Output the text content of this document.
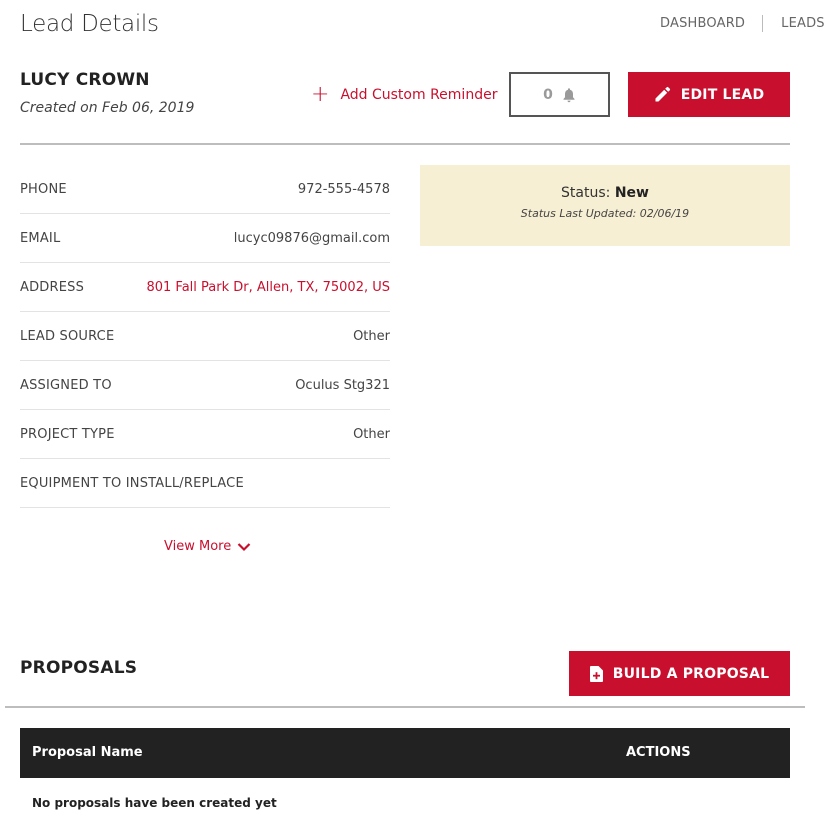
Lead Details	DASHBOARD	LEADS
LUCY CROWN
Created on Feb 06, 2019
+ Add Custom Reminder	0	EDIT LEAD
PHONE	972-555-4578
EMAIL	lucyc09876@gmail.com
ADDRESS	801 Fall Park Dr, Allen, TX, 75002, US
LEAD SOURCE	Other
ASSIGNED TO	Oculus Stg321
PROJECT TYPE	Other
EQUIPMENT TO INSTALL/REPLACE
View More
Status: New
Status Last Updated: 02/06/19
PROPOSALS	BUILD A PROPOSAL
Proposal Name	ACTIONS
No proposals have been created yet
